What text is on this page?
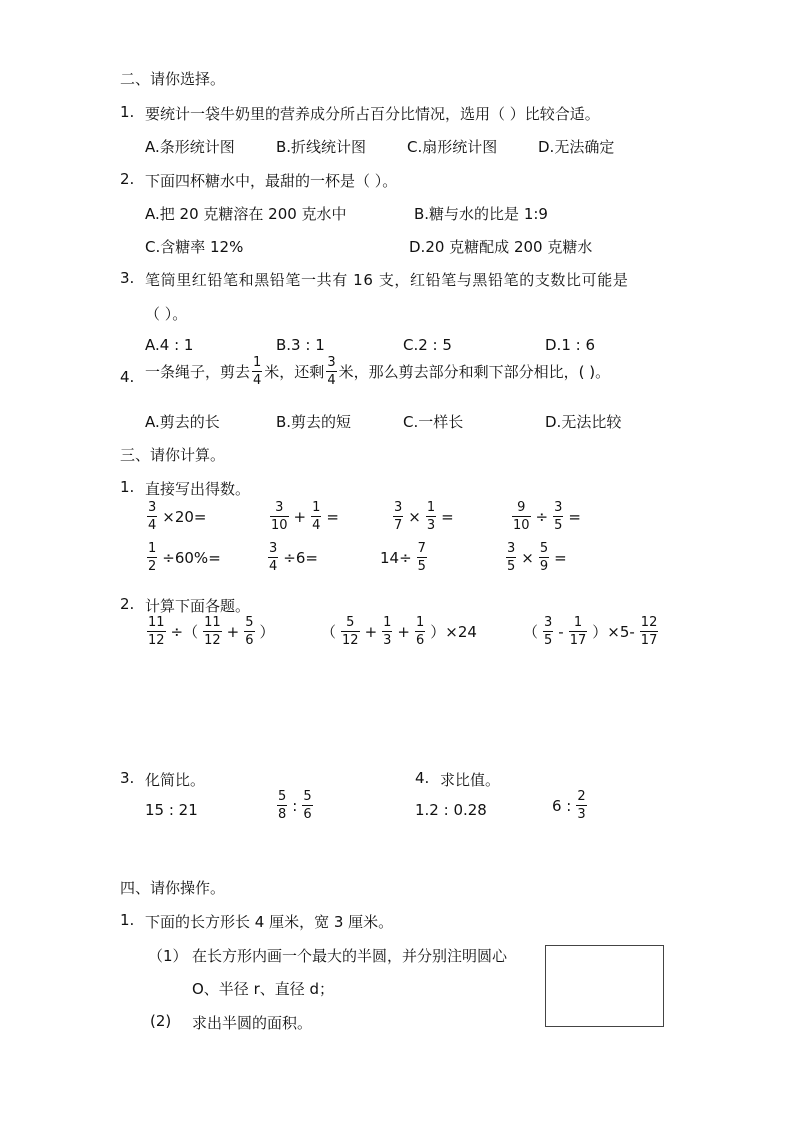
二、请你选择。
1. 要统计一袋牛奶里的营养成分所占百分比情况，选用（ ）比较合适。
A.条形统计图	B.折线统计图	C.扇形统计图	D.无法确定
2. 下面四杯糖水中，最甜的一杯是（ ）。
A.把 20 克糖溶在 200 克水中	B.糖与水的比是 1:9
C.含糖率 12%	D.20 克糖配成 200 克糖水
3. 笔筒里红铅笔和黑铅笔一共有 16 支，红铅笔与黑铅笔的支数比可能是
（ ）。
A.4 : 1	B.3 : 1	C.2 : 5	D.1 : 6
4. 一条绳子，剪去 $\frac{1}{4}$ 米，还剩 $\frac{3}{4}$ 米，那么剪去部分和剩下部分相比，( )。
A.剪去的长	B.剪去的短	C.一样长	D.无法比较
三、请你计算。
1. 直接写出得数。
$\frac{3}{4} \times 20=$	$\frac{3}{10} + \frac{1}{4}$ =	$\frac{3}{7} \times \frac{1}{3}$ =	$\frac{9}{10} \div \frac{3}{5}$ =
$\frac{1}{2} \div 60\%=$	$\frac{3}{4} \div 6=$	$14\div \frac{7}{5}$	$\frac{3}{5} \times \frac{5}{9}$ =
2. 计算下面各题。
$\frac{11}{12}$ ÷（ $\frac{11}{12} + \frac{5}{6}$ ）	（ $\frac{5}{12} + \frac{1}{3} + \frac{1}{6} )\times 24$	（ $\frac{3}{5} - \frac{1}{17} )\times 5- \frac{12}{17}$
3. 化简比。	4. 求比值。
15 : 21	$\frac{5}{8}$ : $\frac{5}{6}$	1.2 : 0.28	6 : $\frac{2}{3}$
四、请你操作。
1. 下面的长方形长 4 厘米，宽 3 厘米。
（1） 在长方形内画一个最大的半圆，并分别注明圆心
O、半径 r、直径 d；
(2) 求出半圆的面积。
